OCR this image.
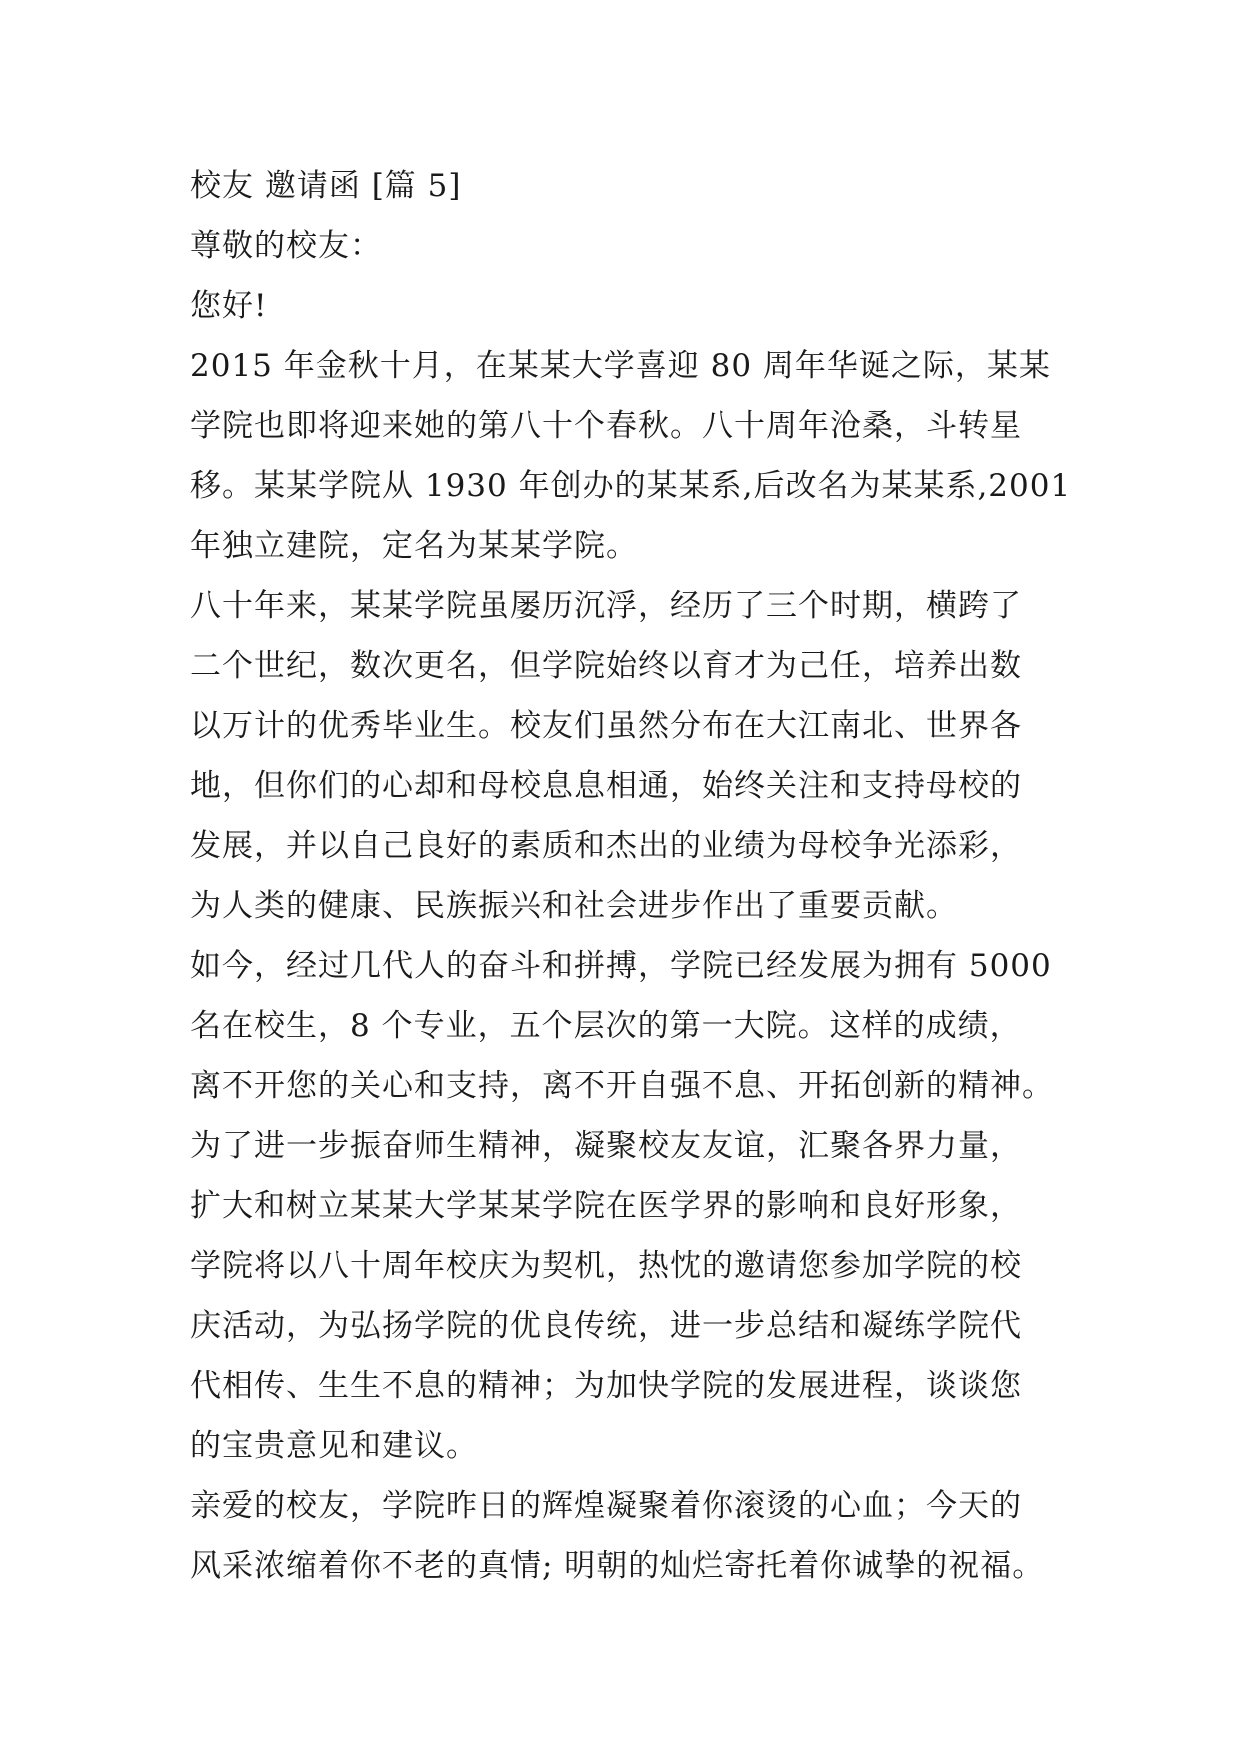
校友 邀请函 [篇 5]
尊敬的校友：
您好!
2015 年金秋十月，在某某大学喜迎 80 周年华诞之际，某某
学院也即将迎来她的第八十个春秋。八十周年沧桑，斗转星
移。某某学院从 1930 年创办的某某系,后改名为某某系,2001
年独立建院，定名为某某学院。
八十年来，某某学院虽屡历沉浮，经历了三个时期，横跨了
二个世纪，数次更名，但学院始终以育才为己任，培养出数
以万计的优秀毕业生。校友们虽然分布在大江南北、世界各
地，但你们的心却和母校息息相通，始终关注和支持母校的
发展，并以自己良好的素质和杰出的业绩为母校争光添彩，
为人类的健康、民族振兴和社会进步作出了重要贡献。
如今，经过几代人的奋斗和拼搏，学院已经发展为拥有 5000
名在校生，8 个专业，五个层次的第一大院。这样的成绩，
离不开您的关心和支持，离不开自强不息、开拓创新的精神。
为了进一步振奋师生精神，凝聚校友友谊，汇聚各界力量，
扩大和树立某某大学某某学院在医学界的影响和良好形象，
学院将以八十周年校庆为契机，热忱的邀请您参加学院的校
庆活动，为弘扬学院的优良传统，进一步总结和凝练学院代
代相传、生生不息的精神；为加快学院的发展进程，谈谈您
的宝贵意见和建议。
亲爱的校友，学院昨日的辉煌凝聚着你滚烫的心血；今天的
风采浓缩着你不老的真情; 明朝的灿烂寄托着你诚挚的祝福。
